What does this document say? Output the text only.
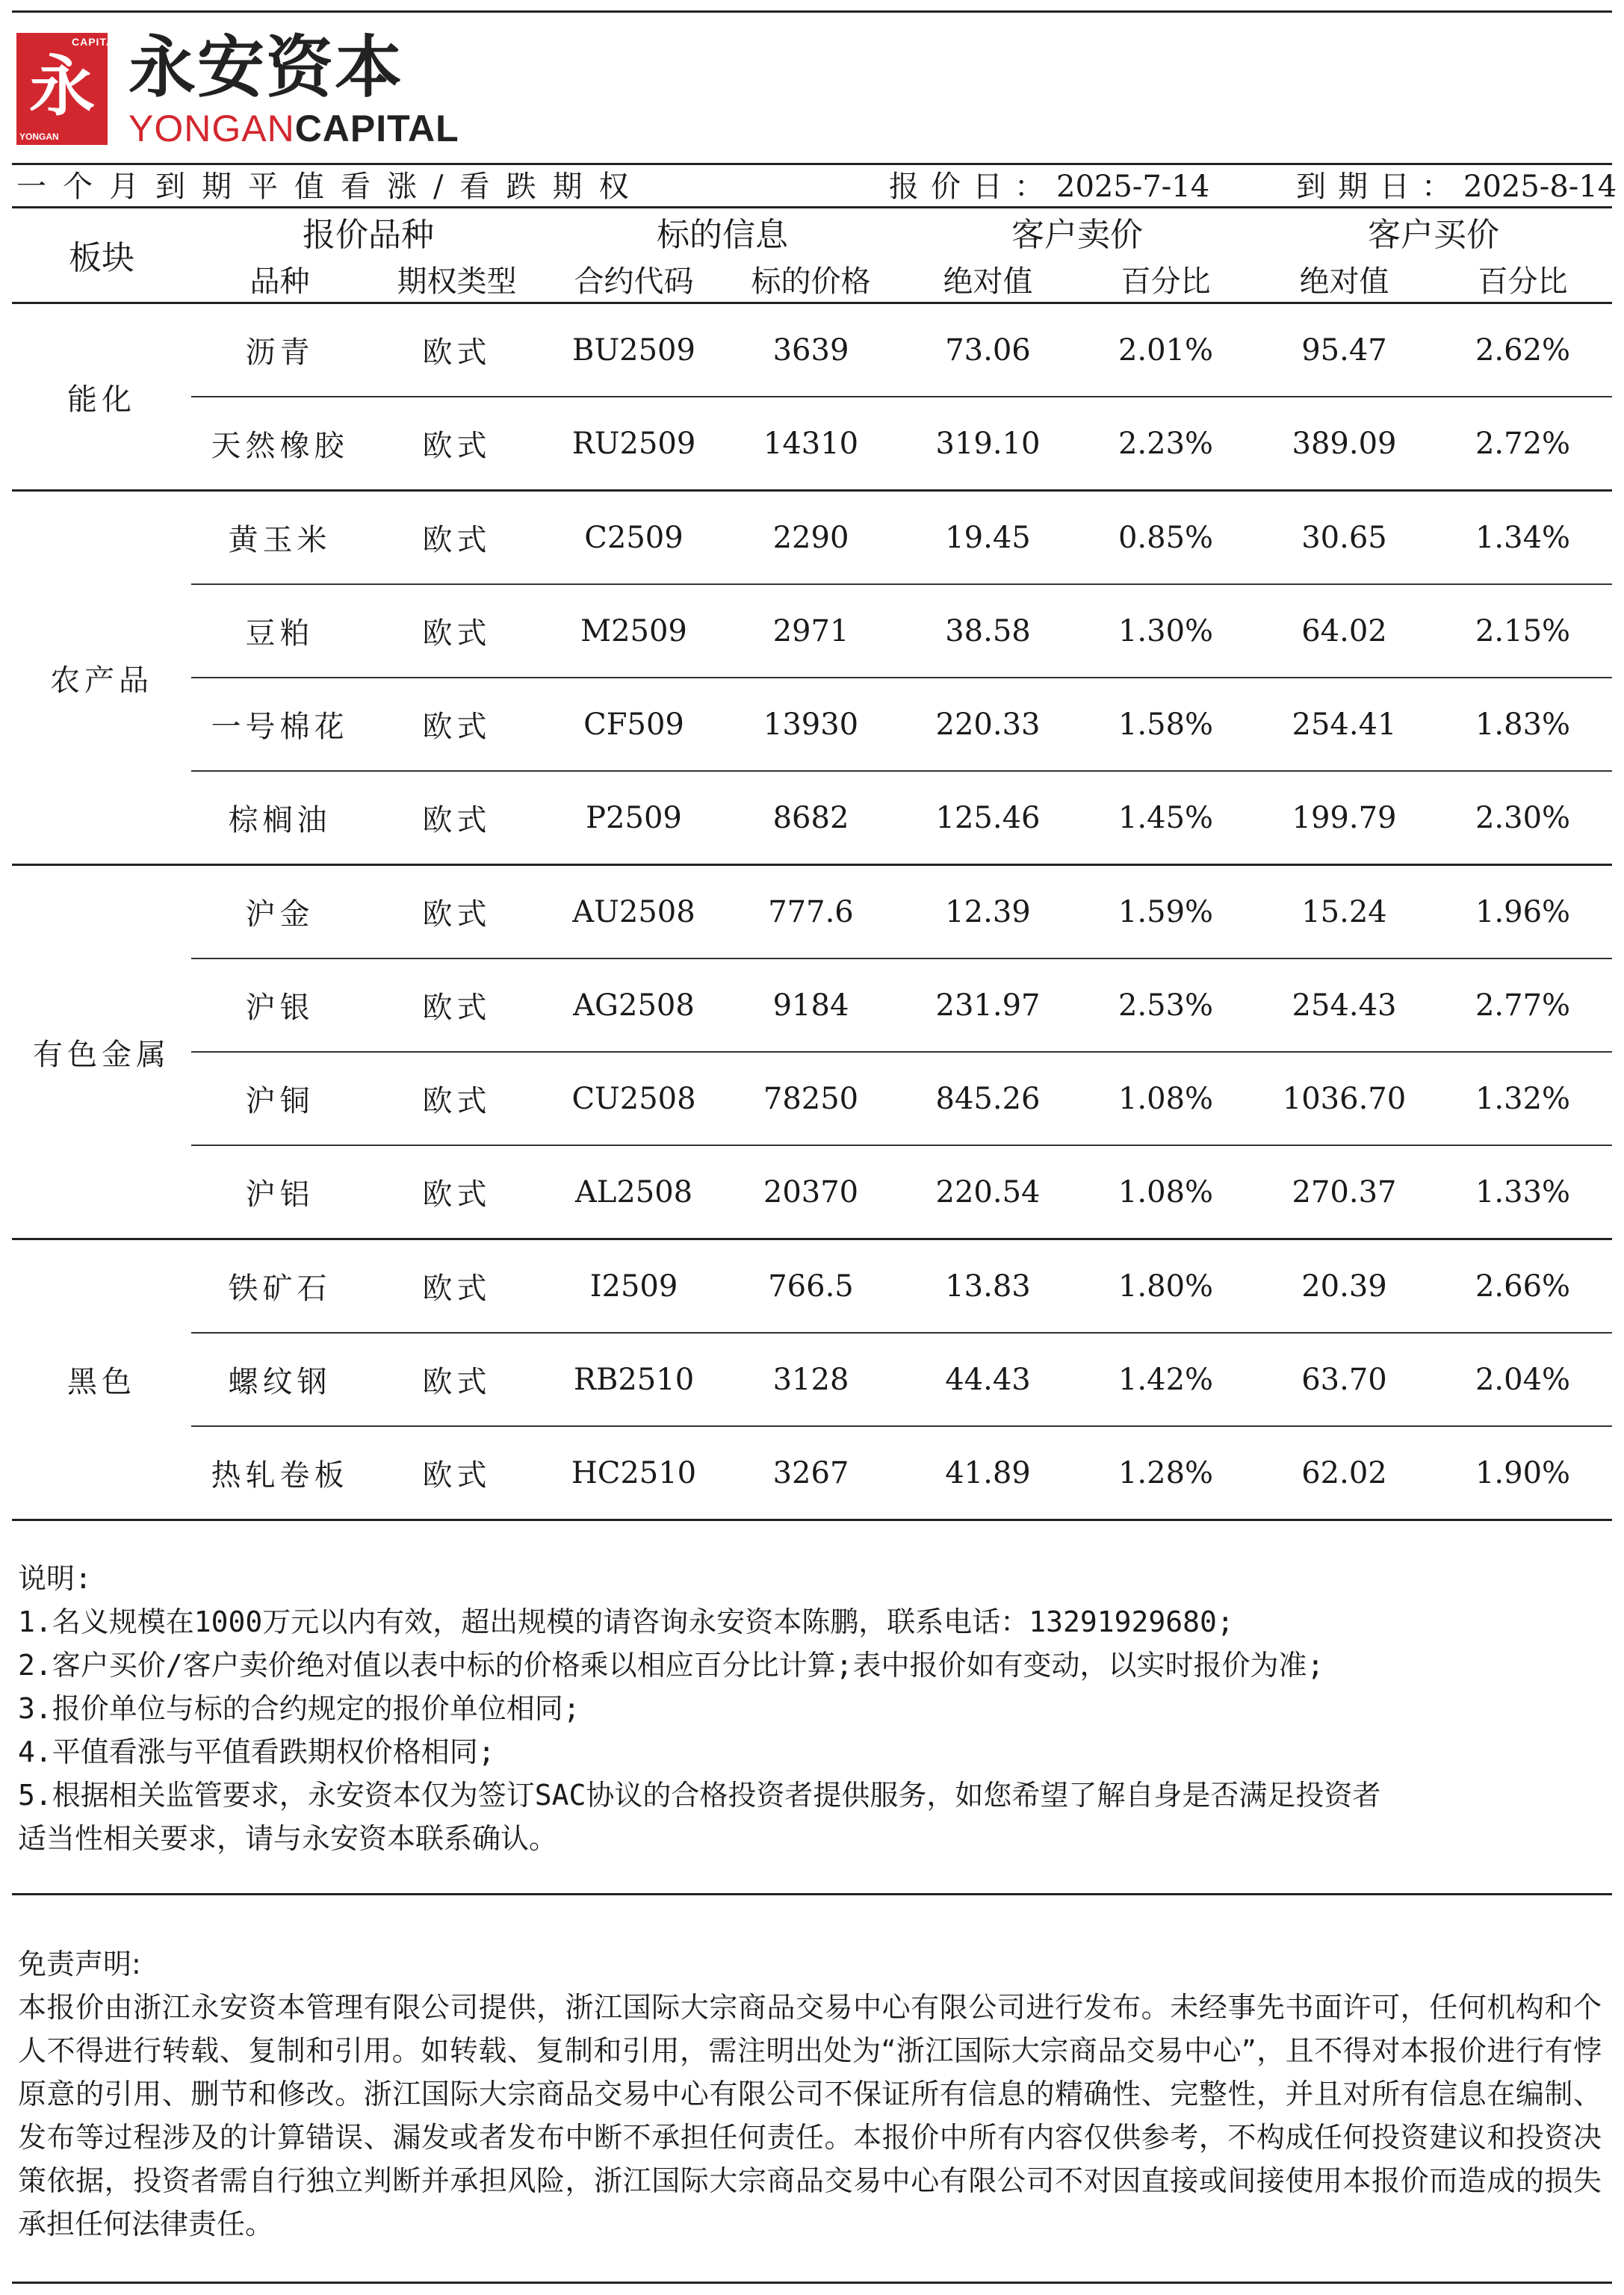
CAPITAL
永
YONGAN
永安资本
YONGANCAPITAL
一个月到期平值看涨/看跌期权	报价日：2025-7-14	到期日：2025-8-14
板块	报价品种		标的信息		客户卖价		客户买价	
	品种	期权类型	合约代码	标的价格	绝对值	百分比	绝对值	百分比
能化	沥青	欧式	BU2509	3639	73.06	2.01%	95.47	2.62%
	天然橡胶	欧式	RU2509	14310	319.10	2.23%	389.09	2.72%
农产品	黄玉米	欧式	C2509	2290	19.45	0.85%	30.65	1.34%
	豆粕	欧式	M2509	2971	38.58	1.30%	64.02	2.15%
	一号棉花	欧式	CF509	13930	220.33	1.58%	254.41	1.83%
	棕榈油	欧式	P2509	8682	125.46	1.45%	199.79	2.30%
有色金属	沪金	欧式	AU2508	777.6	12.39	1.59%	15.24	1.96%
	沪银	欧式	AG2508	9184	231.97	2.53%	254.43	2.77%
	沪铜	欧式	CU2508	78250	845.26	1.08%	1036.70	1.32%
	沪铝	欧式	AL2508	20370	220.54	1.08%	270.37	1.33%
黑色	铁矿石	欧式	I2509	766.5	13.83	1.80%	20.39	2.66%
	螺纹钢	欧式	RB2510	3128	44.43	1.42%	63.70	2.04%
	热轧卷板	欧式	HC2510	3267	41.89	1.28%	62.02	1.90%
说明:
1.名义规模在1000万元以内有效，超出规模的请咨询永安资本陈鹏，联系电话：13291929680;
2.客户买价/客户卖价绝对值以表中标的价格乘以相应百分比计算;表中报价如有变动，以实时报价为准;
3.报价单位与标的合约规定的报价单位相同;
4.平值看涨与平值看跌期权价格相同;
5.根据相关监管要求，永安资本仅为签订SAC协议的合格投资者提供服务，如您希望了解自身是否满足投资者
适当性相关要求，请与永安资本联系确认。
免责声明:
本报价由浙江永安资本管理有限公司提供，浙江国际大宗商品交易中心有限公司进行发布。未经事先书面许可，任何机构和个人不得进行转载、复制和引用。如转载、复制和引用，需注明出处为“浙江国际大宗商品交易中心”，且不得对本报价进行有悖原意的引用、删节和修改。浙江国际大宗商品交易中心有限公司不保证所有信息的精确性、完整性，并且对所有信息在编制、发布等过程涉及的计算错误、漏发或者发布中断不承担任何责任。本报价中所有内容仅供参考，不构成任何投资建议和投资决策依据，投资者需自行独立判断并承担风险，浙江国际大宗商品交易中心有限公司不对因直接或间接使用本报价而造成的损失承担任何法律责任。
